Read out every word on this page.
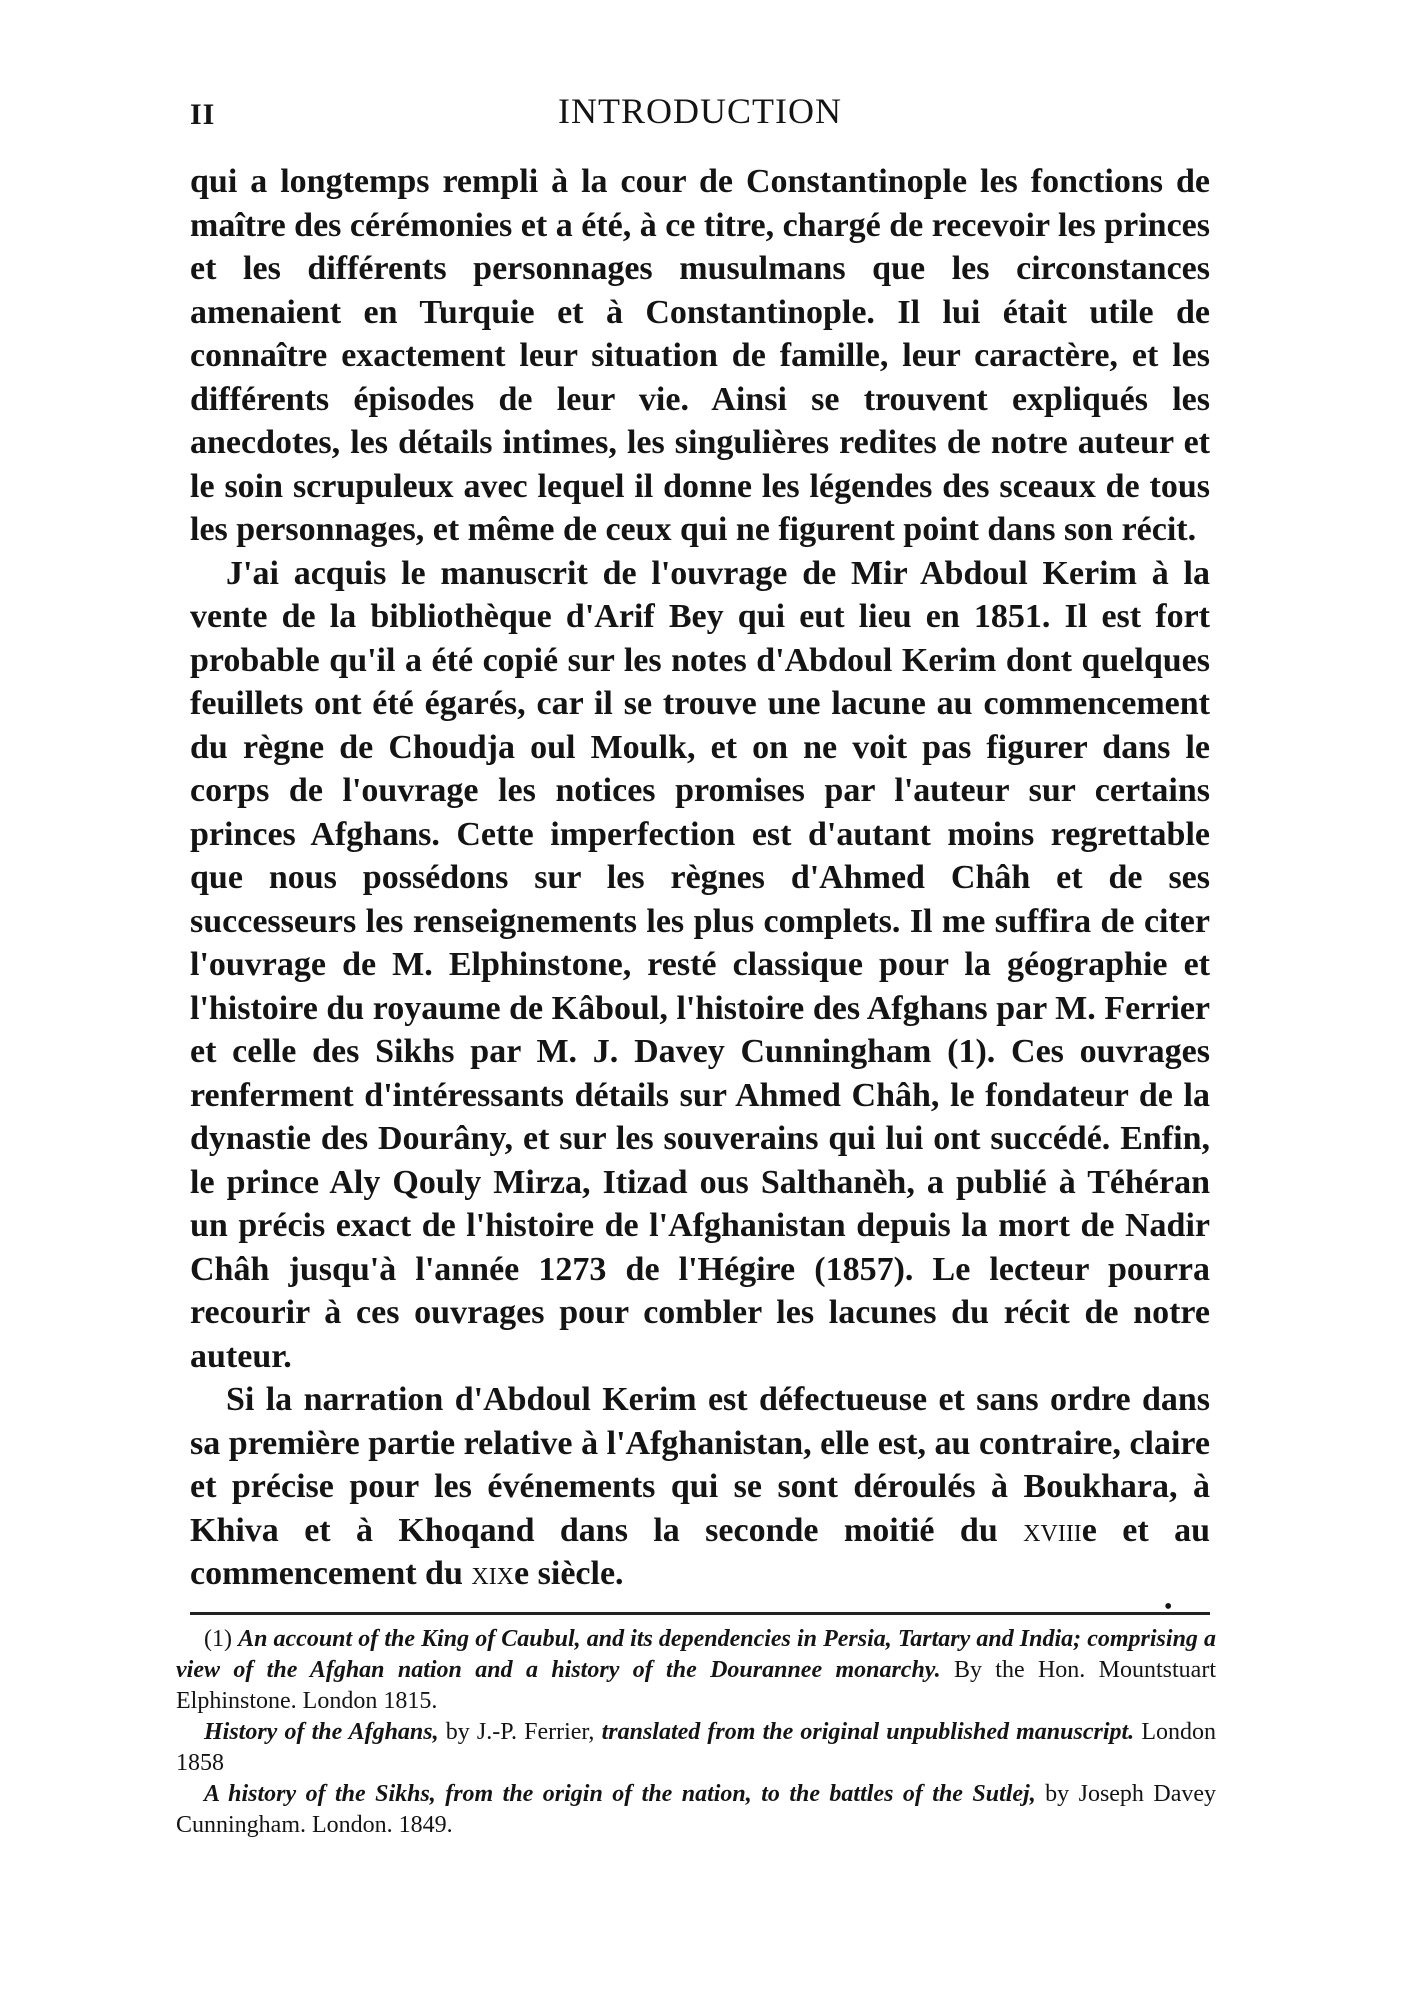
II	INTRODUCTION

qui a longtemps rempli à la cour de Constantinople les fonctions de maître des cérémonies et a été, à ce titre, chargé de recevoir les princes et les différents personnages musulmans que les circonstances amenaient en Turquie et à Constantinople. Il lui était utile de connaître exactement leur situation de famille, leur caractère, et les différents épisodes de leur vie. Ainsi se trouvent expliqués les anecdotes, les détails intimes, les singulières redites de notre auteur et le soin scrupuleux avec lequel il donne les légendes des sceaux de tous les personnages, et même de ceux qui ne figurent point dans son récit.

J'ai acquis le manuscrit de l'ouvrage de Mir Abdoul Kerim à la vente de la bibliothèque d'Arif Bey qui eut lieu en 1851. Il est fort probable qu'il a été copié sur les notes d'Abdoul Kerim dont quelques feuillets ont été égarés, car il se trouve une lacune au commencement du règne de Choudja oul Moulk, et on ne voit pas figurer dans le corps de l'ouvrage les notices promises par l'auteur sur certains princes Afghans. Cette imperfection est d'autant moins regrettable que nous possédons sur les règnes d'Ahmed Châh et de ses successeurs les renseignements les plus complets. Il me suffira de citer l'ouvrage de M. Elphinstone, resté classique pour la géographie et l'histoire du royaume de Kâboul, l'histoire des Afghans par M. Ferrier et celle des Sikhs par M. J. Davey Cunningham (1). Ces ouvrages renferment d'intéressants détails sur Ahmed Châh, le fondateur de la dynastie des Dourâny, et sur les souverains qui lui ont succédé. Enfin, le prince Aly Qouly Mirza, Itizad ous Salthanèh, a publié à Téhéran un précis exact de l'histoire de l'Afghanistan depuis la mort de Nadir Châh jusqu'à l'année 1273 de l'Hégire (1857). Le lecteur pourra recourir à ces ouvrages pour combler les lacunes du récit de notre auteur.

Si la narration d'Abdoul Kerim est défectueuse et sans ordre dans sa première partie relative à l'Afghanistan, elle est, au contraire, claire et précise pour les événements qui se sont déroulés à Boukhara, à Khiva et à Khoqand dans la seconde moitié du xviiie et au commencement du xixe siècle.

•

(1) An account of the King of Caubul, and its dependencies in Persia, Tartary and India; comprising a view of the Afghan nation and a history of the Dourannee monarchy. By the Hon. Mountstuart Elphinstone. London 1815.

History of the Afghans, by J.-P. Ferrier, translated from the original unpublished manuscript. London 1858

A history of the Sikhs, from the origin of the nation, to the battles of the Sutlej, by Joseph Davey Cunningham. London. 1849.
